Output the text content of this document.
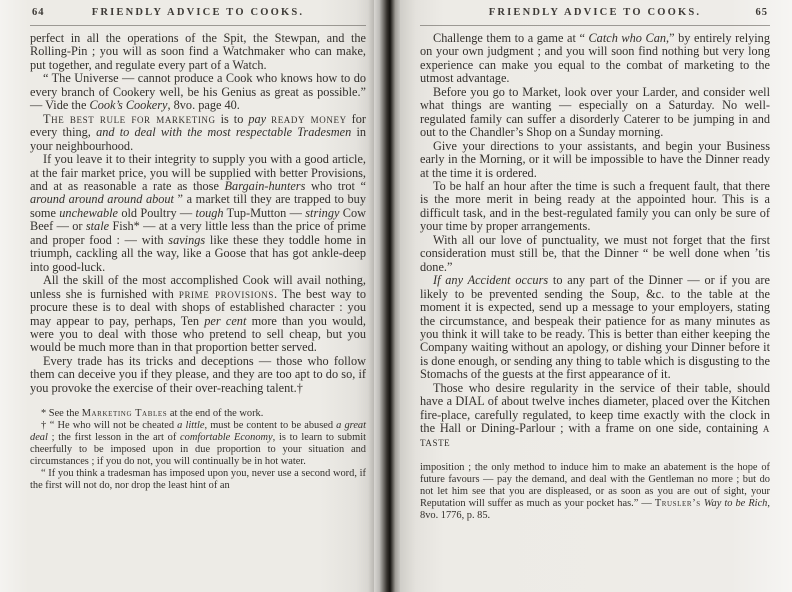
64	FRIENDLY ADVICE TO COOKS.

perfect in all the operations of the Spit, the Stewpan, and the Rolling-Pin ; you will as soon find a Watchmaker who can make, put together, and regulate every part of a Watch.

“ The Universe — cannot produce a Cook who knows how to do every branch of Cookery well, be his Genius as great as possible.” — Vide the Cook’s Cookery, 8vo. page 40.

The best rule for marketing is to pay ready money for every thing, and to deal with the most respectable Tradesmen in your neighbourhood.

If you leave it to their integrity to supply you with a good article, at the fair market price, you will be supplied with better Provisions, and at as reasonable a rate as those Bargain-hunters who trot “ around around around about ” a market till they are trapped to buy some unchewable old Poultry — tough Tup-Mutton — stringy Cow Beef — or stale Fish* — at a very little less than the price of prime and proper food : — with savings like these they toddle home in triumph, cackling all the way, like a Goose that has got ankle-deep into good-luck.

All the skill of the most accomplished Cook will avail nothing, unless she is furnished with prime provisions. The best way to procure these is to deal with shops of established character : you may appear to pay, perhaps, Ten per cent more than you would, were you to deal with those who pretend to sell cheap, but you would be much more than in that proportion better served.

Every trade has its tricks and deceptions — those who follow them can deceive you if they please, and they are too apt to do so, if you provoke the exercise of their over-reaching talent.†

* See the Marketing Tables at the end of the work.

† “ He who will not be cheated a little, must be content to be abused a great deal ; the first lesson in the art of comfortable Economy, is to learn to submit cheerfully to be imposed upon in due proportion to your situation and circumstances ; if you do not, you will continually be in hot water.

“ If you think a tradesman has imposed upon you, never use a second word, if the first will not do, nor drop the least hint of an

FRIENDLY ADVICE TO COOKS.	65

Challenge them to a game at “ Catch who Can,” by entirely relying on your own judgment ; and you will soon find nothing but very long experience can make you equal to the combat of marketing to the utmost advantage.

Before you go to Market, look over your Larder, and consider well what things are wanting — especially on a Saturday. No well-regulated family can suffer a disorderly Caterer to be jumping in and out to the Chandler’s Shop on a Sunday morning.

Give your directions to your assistants, and begin your Business early in the Morning, or it will be impossible to have the Dinner ready at the time it is ordered.

To be half an hour after the time is such a frequent fault, that there is the more merit in being ready at the appointed hour. This is a difficult task, and in the best-regulated family you can only be sure of your time by proper arrangements.

With all our love of punctuality, we must not forget that the first consideration must still be, that the Dinner “ be well done when ’tis done.”

If any Accident occurs to any part of the Dinner — or if you are likely to be prevented sending the Soup, &c. to the table at the moment it is expected, send up a message to your employers, stating the circumstance, and bespeak their patience for as many minutes as you think it will take to be ready. This is better than either keeping the Company waiting without an apology, or dishing your Dinner before it is done enough, or sending any thing to table which is disgusting to the Stomachs of the guests at the first appearance of it.

Those who desire regularity in the service of their table, should have a DIAL of about twelve inches diameter, placed over the Kitchen fire-place, carefully regulated, to keep time exactly with the clock in the Hall or Dining-Parlour ; with a frame on one side, containing a taste

imposition ; the only method to induce him to make an abatement is the hope of future favours — pay the demand, and deal with the Gentleman no more ; but do not let him see that you are displeased, or as soon as you are out of sight, your Reputation will suffer as much as your pocket has.” — Trusler’s Way to be Rich, 8vo. 1776, p. 85.
